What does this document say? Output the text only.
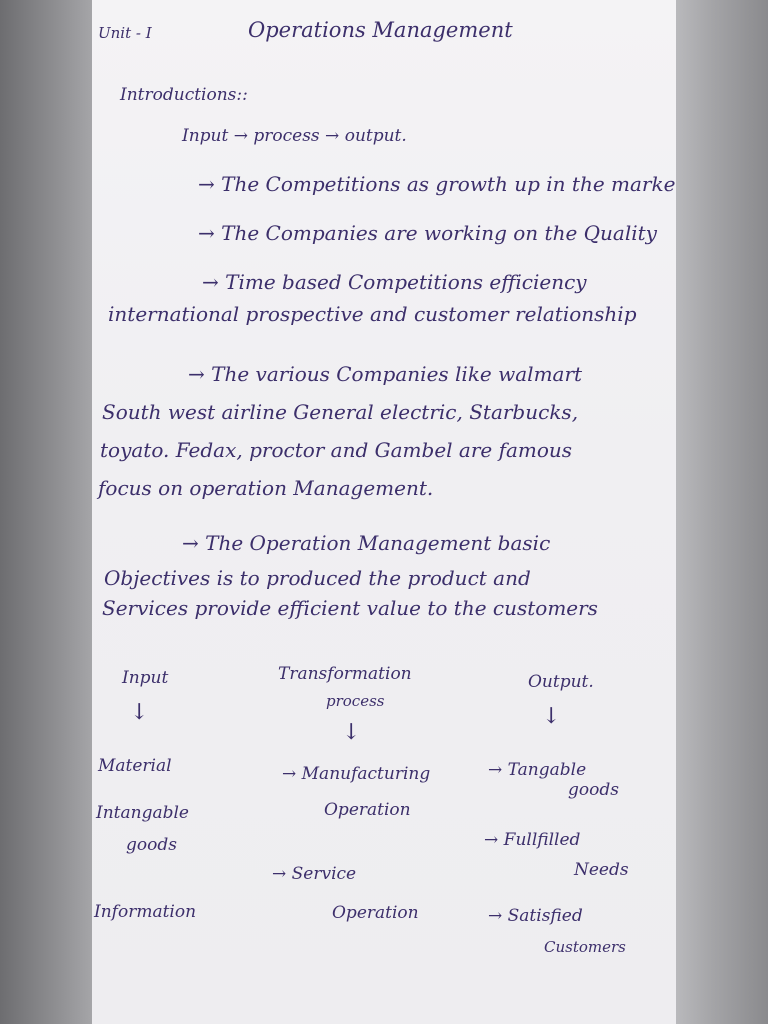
Unit - I	Operations Management
Introductions::
Input → process → output.
→ The Competitions as growth up in the marke
→ The Companies are working on the Quality
→ Time based Competitions efficiency
international prospective and customer relationship
→ The various Companies like walmart
South west airline General electric, Starbucks,
toyato. Fedax, proctor and Gambel are famous
focus on operation Management.
→ The Operation Management basic
Objectives is to produced the product and
Services provide efficient value to the customers
Input	Transformation
process
Output.
↓
↓
↓
Material
Intangable
goods
Information
→ Manufacturing
Operation
→ Service
Operation
→ Tangable
goods
→ Fullfilled
Needs
→ Satisfied
Customers
